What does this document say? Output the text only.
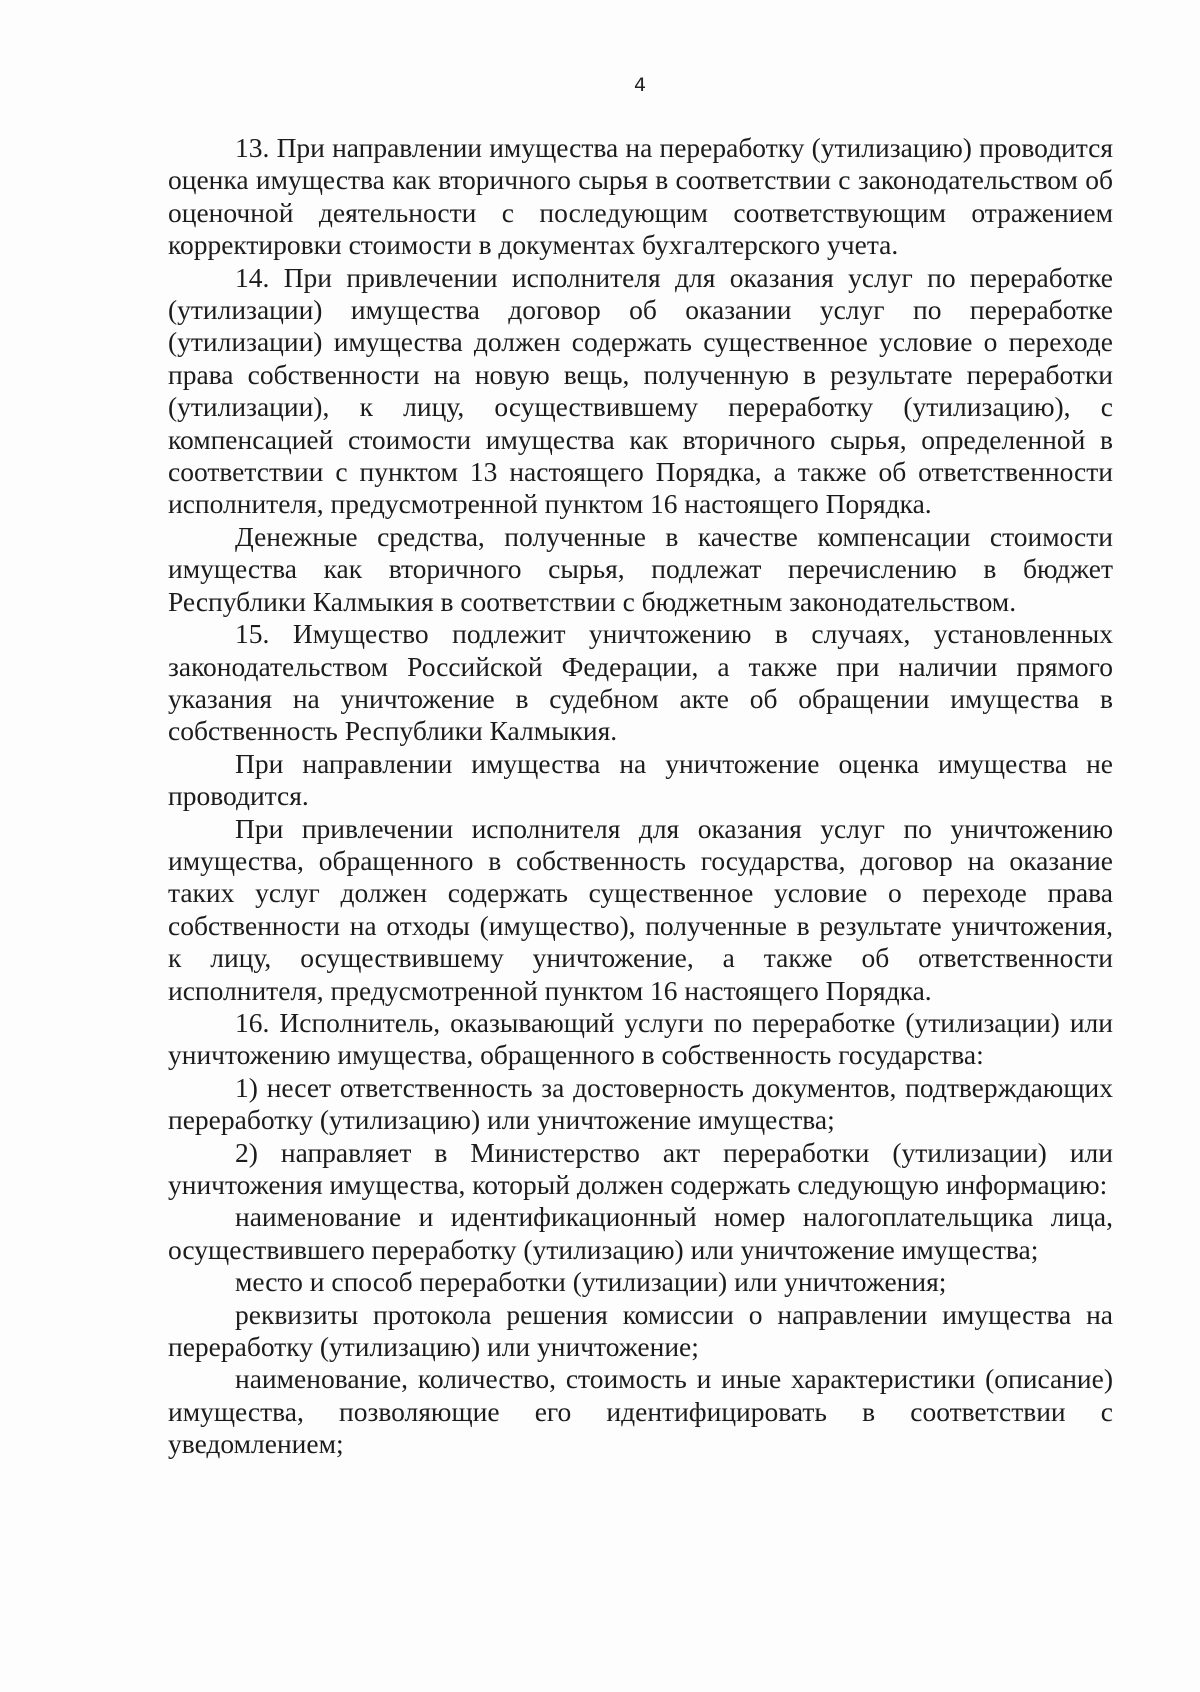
4

13. При направлении имущества на переработку (утилизацию) проводится оценка имущества как вторичного сырья в соответствии с законодательством об оценочной деятельности с последующим соответствующим отражением корректировки стоимости в документах бухгалтерского учета.

14. При привлечении исполнителя для оказания услуг по переработке (утилизации) имущества договор об оказании услуг по переработке (утилизации) имущества должен содержать существенное условие о переходе права собственности на новую вещь, полученную в результате переработки (утилизации), к лицу, осуществившему переработку (утилизацию), с компенсацией стоимости имущества как вторичного сырья, определенной в соответствии с пунктом 13 настоящего Порядка, а также об ответственности исполнителя, предусмотренной пунктом 16 настоящего Порядка.

Денежные средства, полученные в качестве компенсации стоимости имущества как вторичного сырья, подлежат перечислению в бюджет Республики Калмыкия в соответствии с бюджетным законодательством.

15. Имущество подлежит уничтожению в случаях, установленных законодательством Российской Федерации, а также при наличии прямого указания на уничтожение в судебном акте об обращении имущества в собственность Республики Калмыкия.

При направлении имущества на уничтожение оценка имущества не проводится.

При привлечении исполнителя для оказания услуг по уничтожению имущества, обращенного в собственность государства, договор на оказание таких услуг должен содержать существенное условие о переходе права собственности на отходы (имущество), полученные в результате уничтожения, к лицу, осуществившему уничтожение, а также об ответственности исполнителя, предусмотренной пунктом 16 настоящего Порядка.

16. Исполнитель, оказывающий услуги по переработке (утилизации) или уничтожению имущества, обращенного в собственность государства:

1) несет ответственность за достоверность документов, подтверждающих переработку (утилизацию) или уничтожение имущества;

2) направляет в Министерство акт переработки (утилизации) или уничтожения имущества, который должен содержать следующую информацию:

наименование и идентификационный номер налогоплательщика лица, осуществившего переработку (утилизацию) или уничтожение имущества;

место и способ переработки (утилизации) или уничтожения;

реквизиты протокола решения комиссии о направлении имущества на переработку (утилизацию) или уничтожение;

наименование, количество, стоимость и иные характеристики (описание) имущества, позволяющие его идентифицировать в соответствии с уведомлением;
